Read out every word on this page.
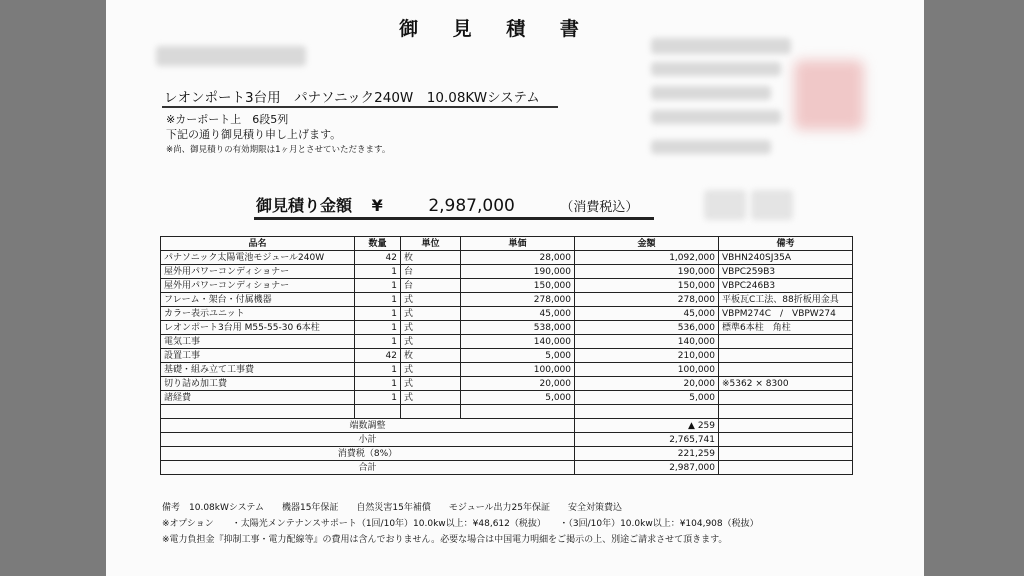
御 見 積 書
レオンポート3台用　パナソニック240W　10.08KWシステム
※カーポート上　6段5列
下記の通り御見積り申し上げます。
※尚、御見積りの有効期限は1ヶ月とさせていただきます。
御見積り金額 ¥	2,987,000	（消費税込）
品名	数量	単位	単価	金額	備考
パナソニック太陽電池モジュール240W	42	枚	28,000	1,092,000	VBHN240SJ35A
屋外用パワーコンディショナー	1	台	190,000	190,000	VBPC259B3
屋外用パワーコンディショナー	1	台	150,000	150,000	VBPC246B3
フレーム・架台・付属機器	1	式	278,000	278,000	平板瓦C工法、88折板用金具
カラー表示ユニット	1	式	45,000	45,000	VBPM274C　/　VBPW274
レオンポート3台用 M55-55-30 6本柱	1	式	538,000	536,000	標準6本柱　角柱
電気工事	1	式	140,000	140,000	
設置工事	42	枚	5,000	210,000	
基礎・組み立て工事費	1	式	100,000	100,000	
切り詰め加工費	1	式	20,000	20,000	※5362 × 8300
諸経費	1	式	5,000	5,000	

端数調整				▲ 259	
小計				2,765,741	
消費税（8%）				221,259	
合計				2,987,000	
備考　10.08kWシステム　　機器15年保証　　自然災害15年補償　　モジュール出力25年保証　　安全対策費込
※オプション　　・太陽光メンテナンスサポート（1回/10年）10.0kw以上：¥48,612（税抜）　　・（3回/10年）10.0kw以上：¥104,908（税抜）
※電力負担金『抑制工事・電力配線等』の費用は含んでおりません。必要な場合は中国電力明細をご掲示の上、別途ご請求させて頂きます。
